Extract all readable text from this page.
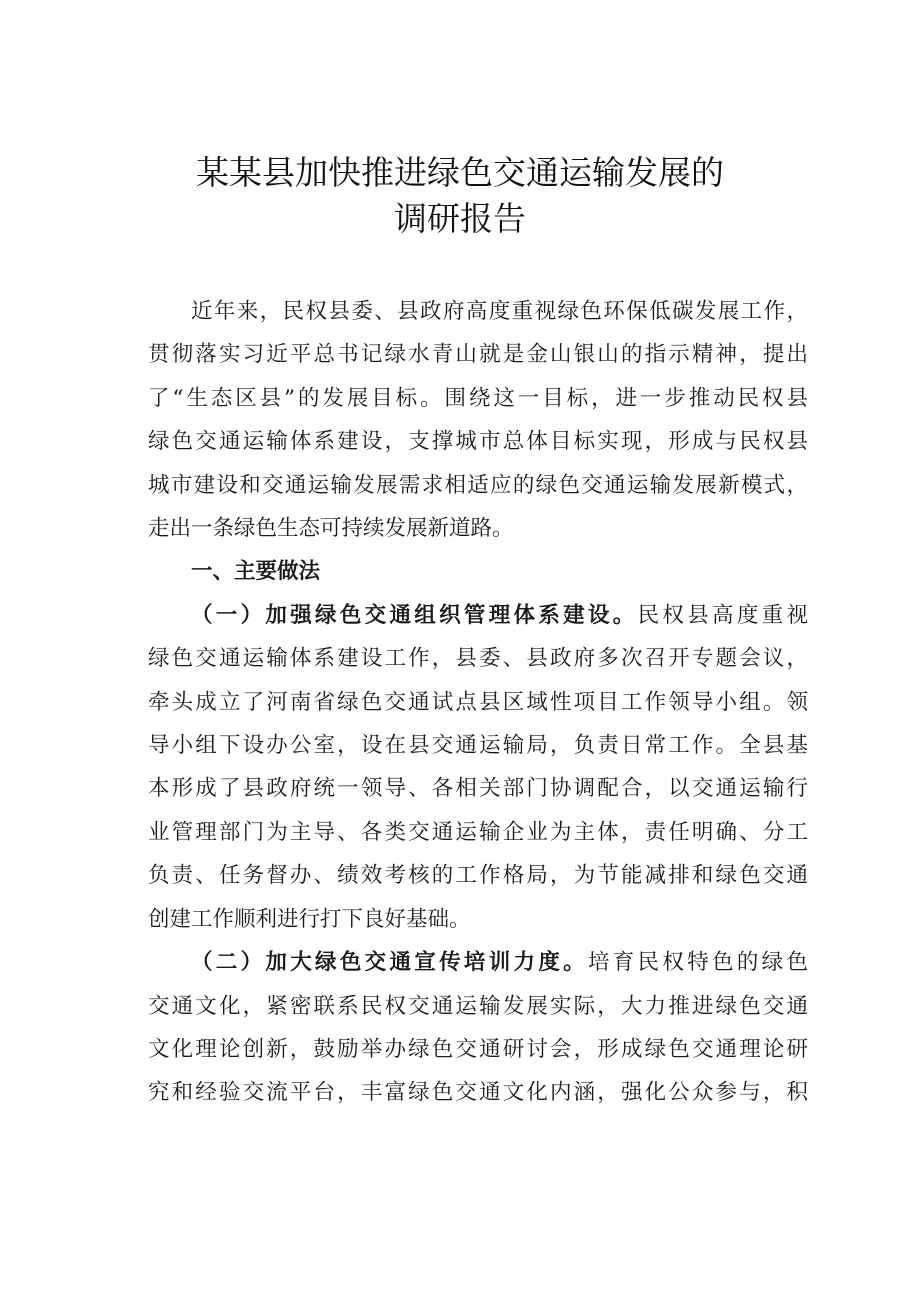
某某县加快推进绿色交通运输发展的
调研报告
近年来，民权县委、县政府高度重视绿色环保低碳发展工作，
贯彻落实习近平总书记绿水青山就是金山银山的指示精神，提出
了“生态区县”的发展目标。围绕这一目标，进一步推动民权县
绿色交通运输体系建设，支撑城市总体目标实现，形成与民权县
城市建设和交通运输发展需求相适应的绿色交通运输发展新模式，
走出一条绿色生态可持续发展新道路。
一、主要做法
（一）加强绿色交通组织管理体系建设。民权县高度重视
绿色交通运输体系建设工作，县委、县政府多次召开专题会议，
牵头成立了河南省绿色交通试点县区域性项目工作领导小组。领
导小组下设办公室，设在县交通运输局，负责日常工作。全县基
本形成了县政府统一领导、各相关部门协调配合，以交通运输行
业管理部门为主导、各类交通运输企业为主体，责任明确、分工
负责、任务督办、绩效考核的工作格局，为节能减排和绿色交通
创建工作顺利进行打下良好基础。
（二）加大绿色交通宣传培训力度。培育民权特色的绿色
交通文化，紧密联系民权交通运输发展实际，大力推进绿色交通
文化理论创新，鼓励举办绿色交通研讨会，形成绿色交通理论研
究和经验交流平台，丰富绿色交通文化内涵，强化公众参与，积
